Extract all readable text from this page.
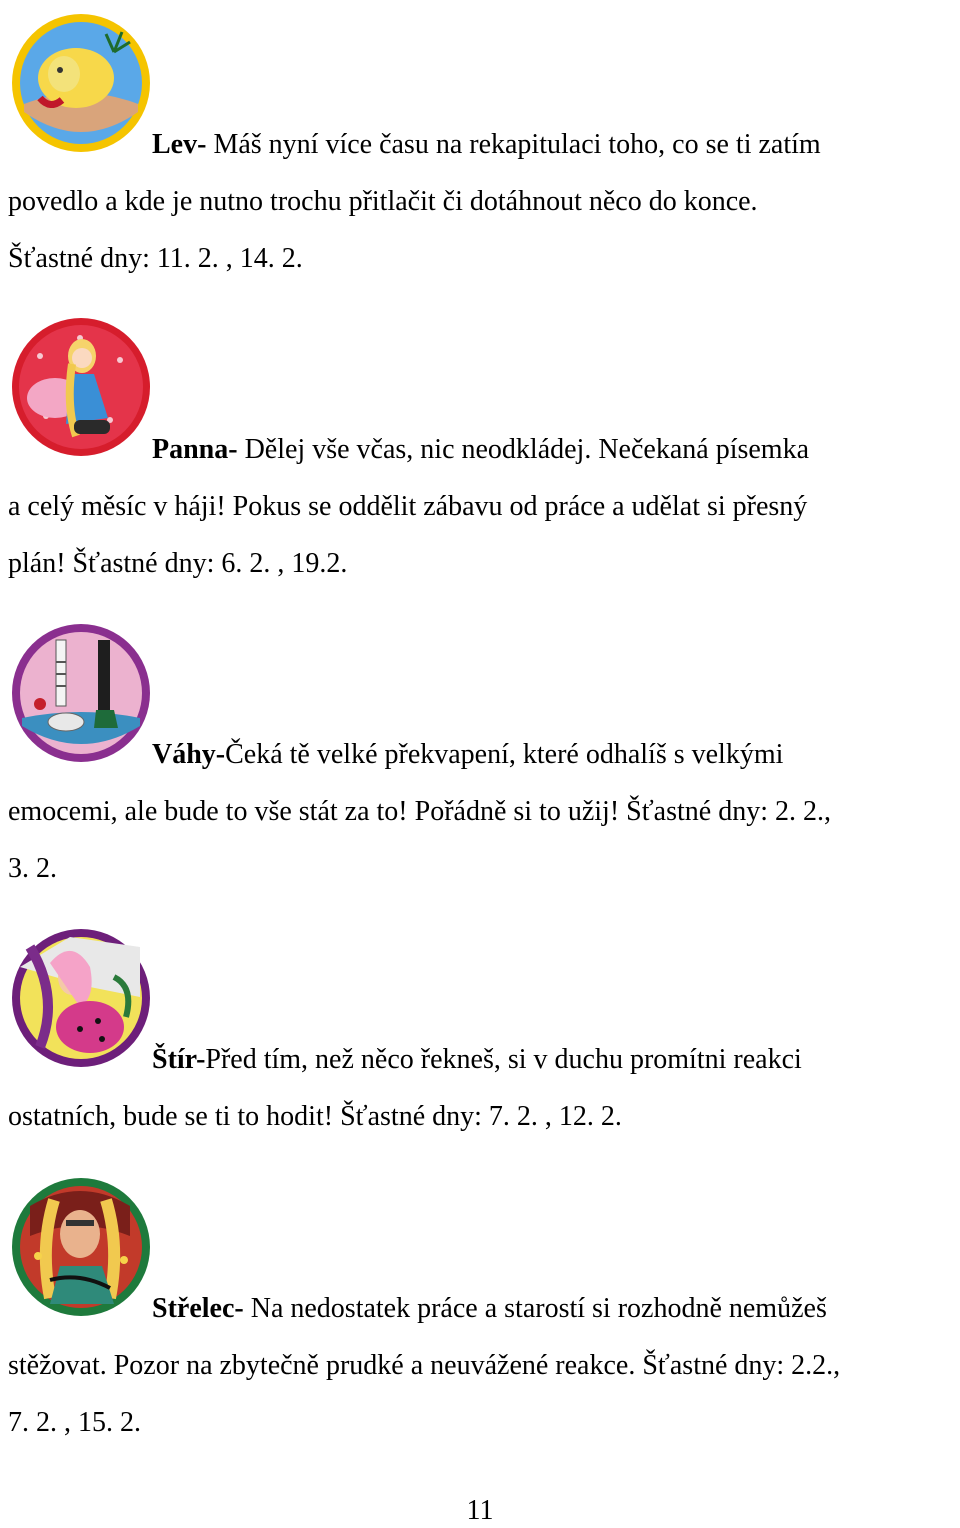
Lev- Máš nyní více času na rekapitulaci toho, co se ti zatím
povedlo a kde je nutno trochu přitlačit či dotáhnout něco do konce.
Šťastné dny: 11. 2. , 14. 2.
Panna- Dělej vše včas, nic neodkládej. Nečekaná písemka
a celý měsíc v háji! Pokus se oddělit zábavu od práce a udělat si přesný
plán! Šťastné dny: 6. 2. , 19.2.
Váhy-Čeká tě velké překvapení, které odhalíš s velkými
emocemi, ale bude to vše stát za to! Pořádně si to užij! Šťastné dny: 2. 2.,
3. 2.
Štír-Před tím, než něco řekneš, si v duchu promítni reakci
ostatních, bude se ti to hodit! Šťastné dny: 7. 2. , 12. 2.
Střelec- Na nedostatek práce a starostí si rozhodně nemůžeš
stěžovat. Pozor na zbytečně prudké a neuvážené reakce. Šťastné dny: 2.2.,
7. 2. , 15. 2.
11
